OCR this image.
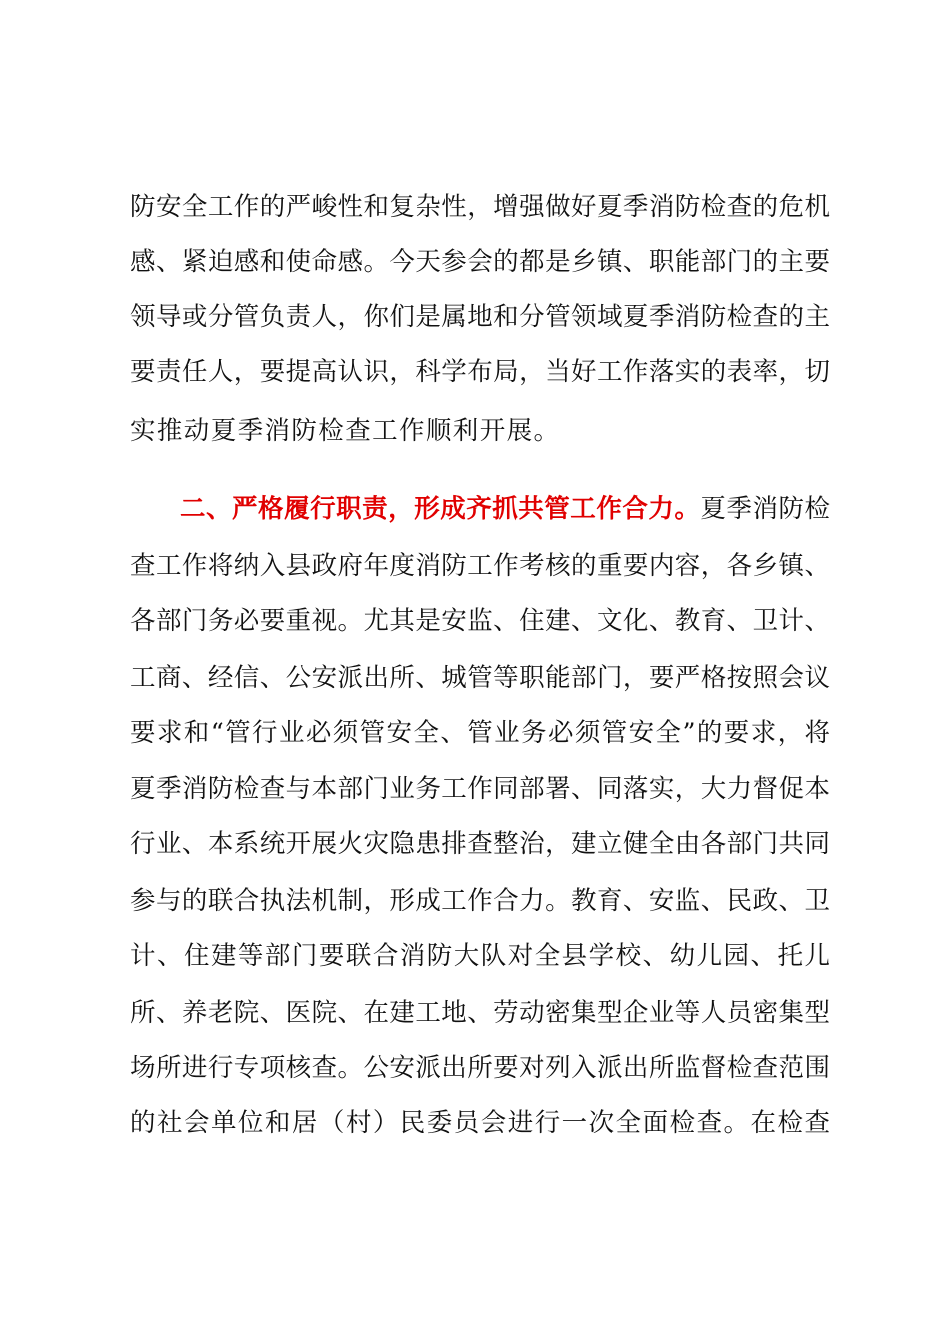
防安全工作的严峻性和复杂性，增强做好夏季消防检查的危机
感、紧迫感和使命感。今天参会的都是乡镇、职能部门的主要
领导或分管负责人，你们是属地和分管领域夏季消防检查的主
要责任人，要提高认识，科学布局，当好工作落实的表率，切
实推动夏季消防检查工作顺利开展。
二、严格履行职责，形成齐抓共管工作合力。夏季消防检
查工作将纳入县政府年度消防工作考核的重要内容，各乡镇、
各部门务必要重视。尤其是安监、住建、文化、教育、卫计、
工商、经信、公安派出所、城管等职能部门，要严格按照会议
要求和“管行业必须管安全、管业务必须管安全”的要求，将
夏季消防检查与本部门业务工作同部署、同落实，大力督促本
行业、本系统开展火灾隐患排查整治，建立健全由各部门共同
参与的联合执法机制，形成工作合力。教育、安监、民政、卫
计、住建等部门要联合消防大队对全县学校、幼儿园、托儿
所、养老院、医院、在建工地、劳动密集型企业等人员密集型
场所进行专项核查。公安派出所要对列入派出所监督检查范围
的社会单位和居（村）民委员会进行一次全面检查。在检查
